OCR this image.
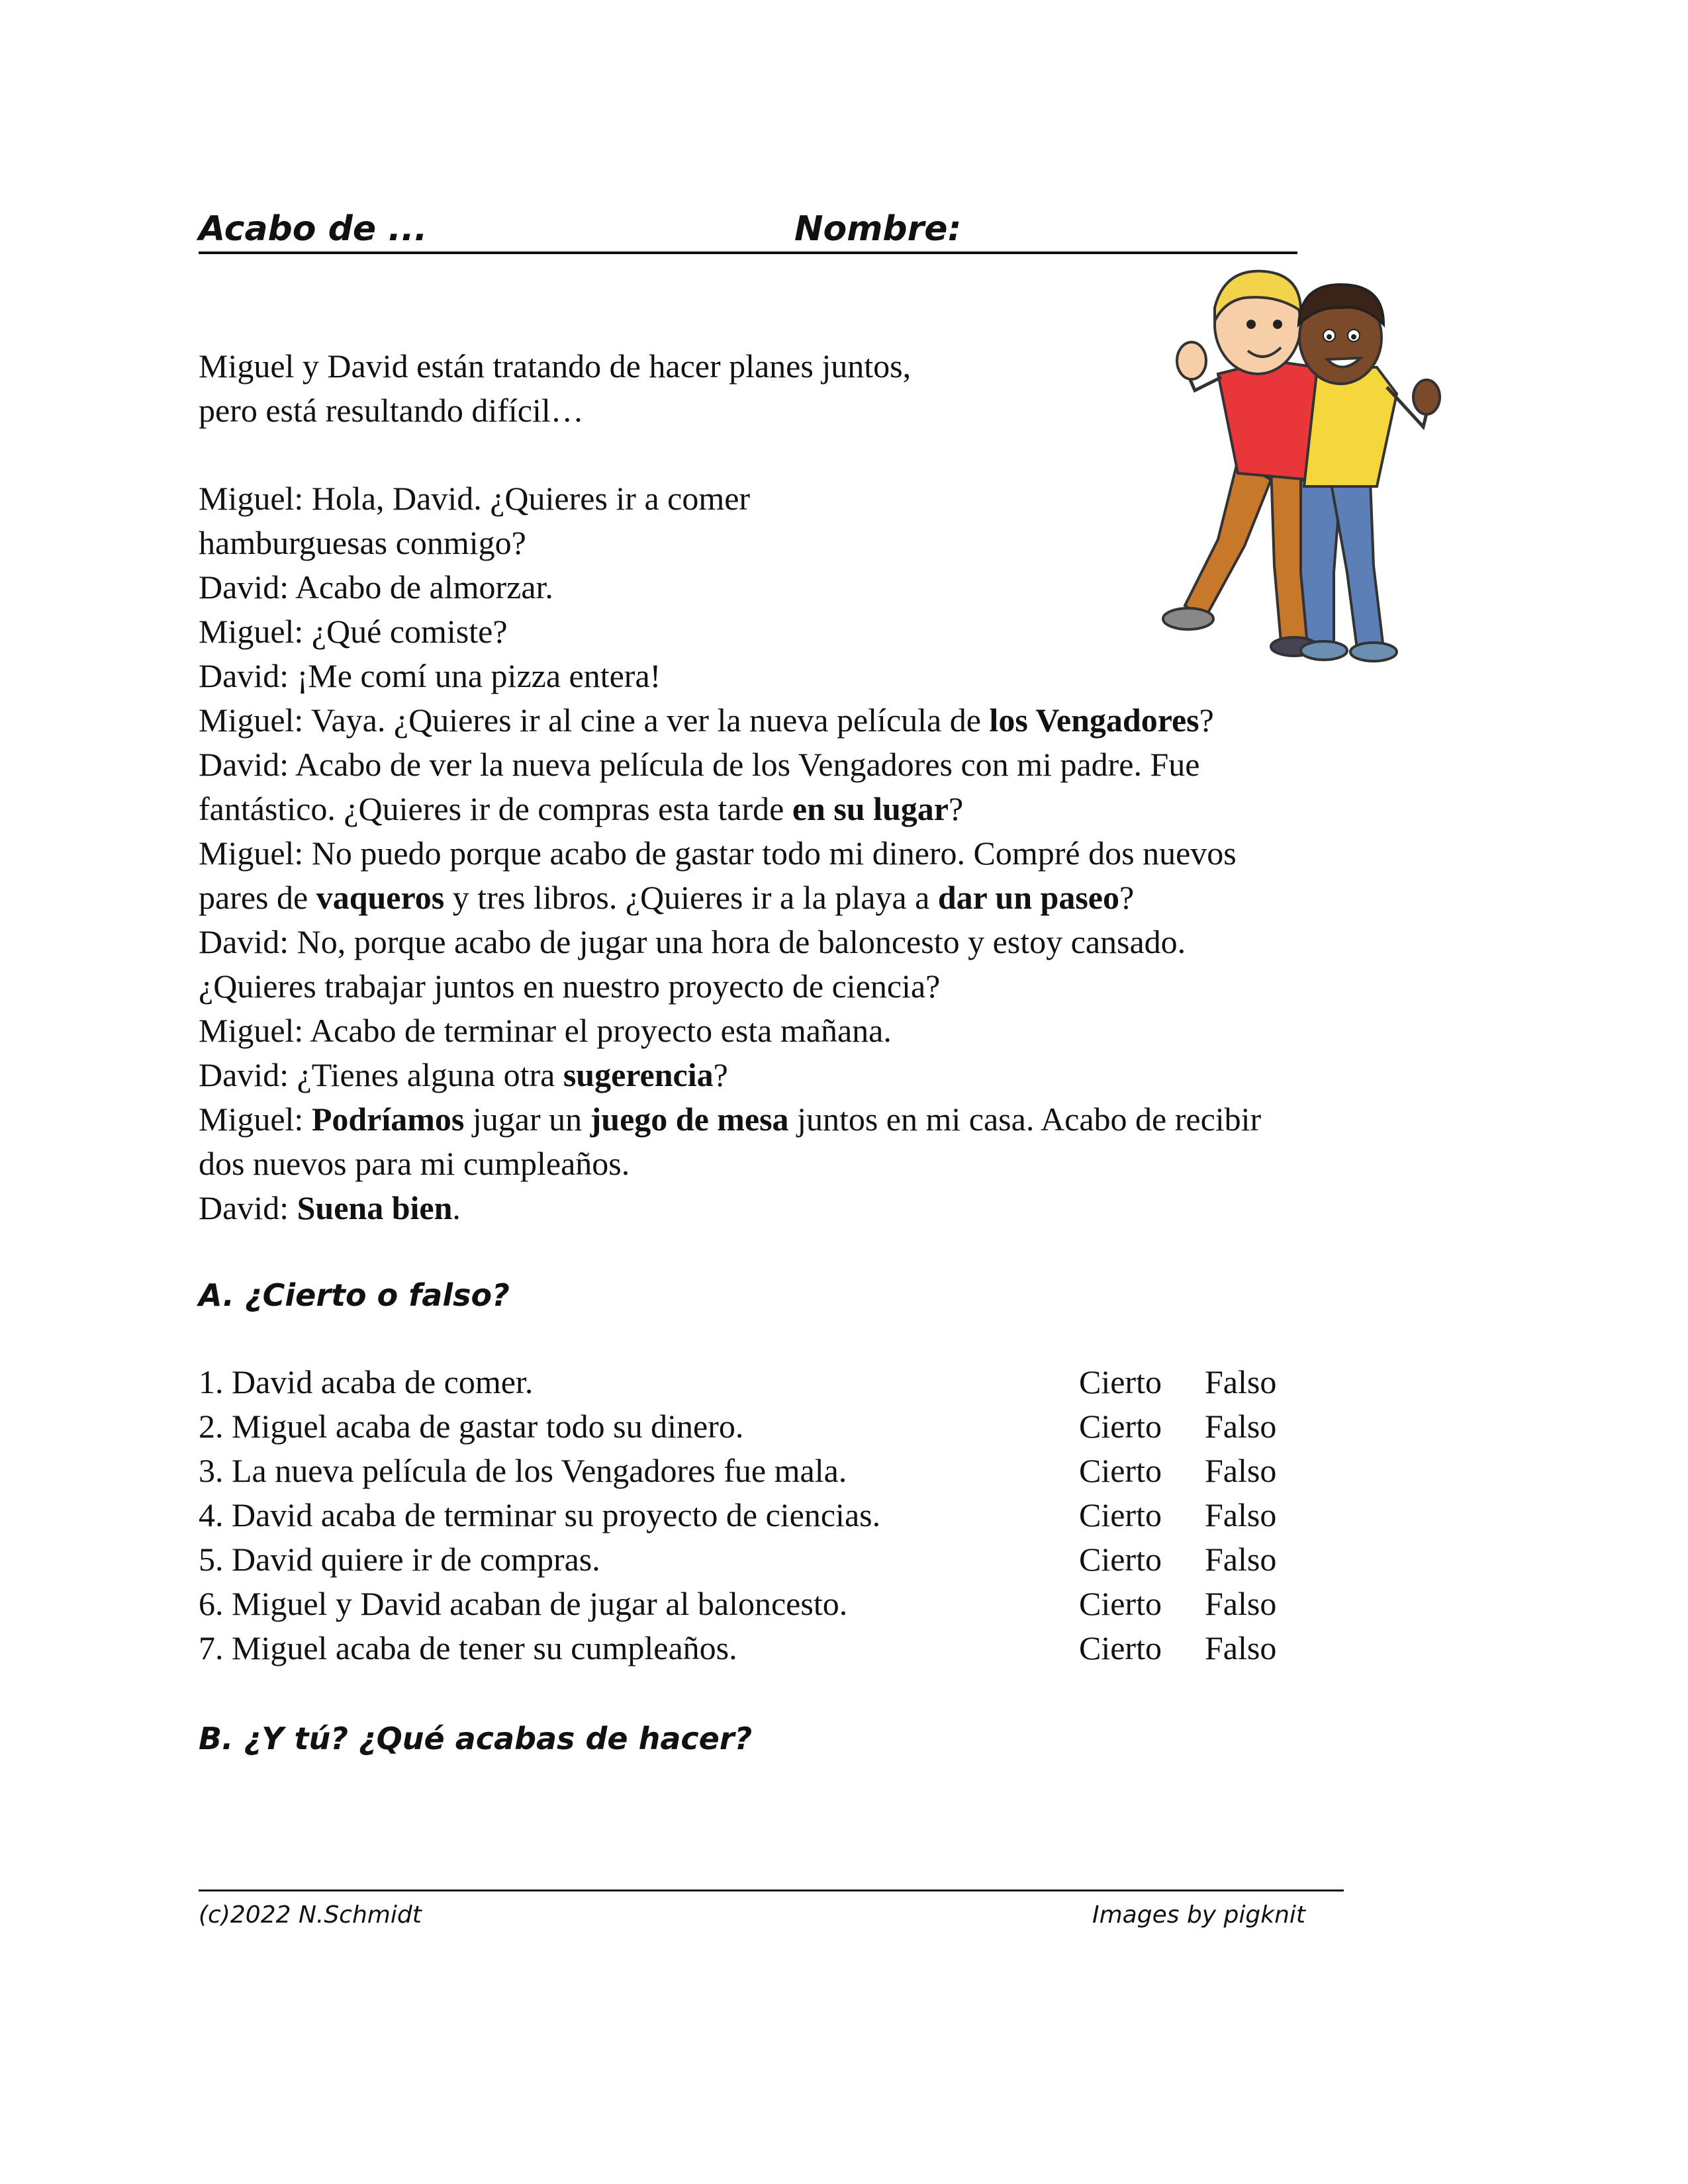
Acabo de ...	Nombre:
Miguel y David están tratando de hacer planes juntos,
pero está resultando difícil…
Miguel: Hola, David. ¿Quieres ir a comer
hamburguesas conmigo?
David: Acabo de almorzar.
Miguel: ¿Qué comiste?
David: ¡Me comí una pizza entera!
Miguel: Vaya. ¿Quieres ir al cine a ver la nueva película de los Vengadores?
David: Acabo de ver la nueva película de los Vengadores con mi padre. Fue
fantástico. ¿Quieres ir de compras esta tarde en su lugar?
Miguel: No puedo porque acabo de gastar todo mi dinero. Compré dos nuevos
pares de vaqueros y tres libros. ¿Quieres ir a la playa a dar un paseo?
David: No, porque acabo de jugar una hora de baloncesto y estoy cansado.
¿Quieres trabajar juntos en nuestro proyecto de ciencia?
Miguel: Acabo de terminar el proyecto esta mañana.
David: ¿Tienes alguna otra sugerencia?
Miguel: Podríamos jugar un juego de mesa juntos en mi casa. Acabo de recibir
dos nuevos para mi cumpleaños.
David: Suena bien.
A. ¿Cierto o falso?
1. David acaba de comer.	Cierto Falso
2. Miguel acaba de gastar todo su dinero.	Cierto Falso
3. La nueva película de los Vengadores fue mala.	Cierto Falso
4. David acaba de terminar su proyecto de ciencias.	Cierto Falso
5. David quiere ir de compras.	Cierto Falso
6. Miguel y David acaban de jugar al baloncesto.	Cierto Falso
7. Miguel acaba de tener su cumpleaños.	Cierto Falso
B. ¿Y tú? ¿Qué acabas de hacer?
(c)2022 N.Schmidt	Images by pigknit
